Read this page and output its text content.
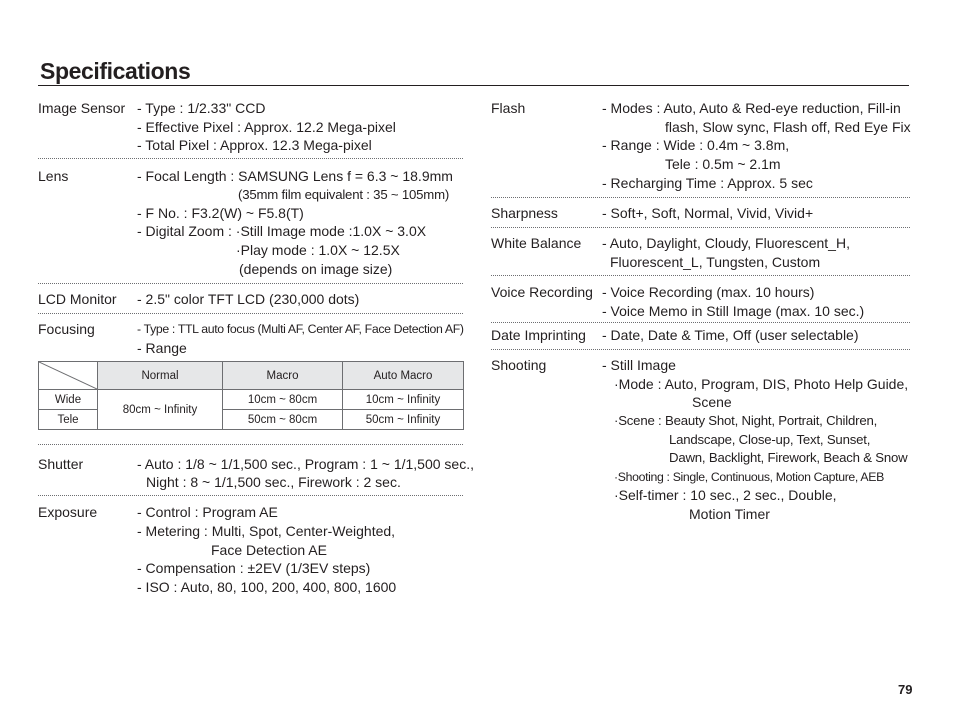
Specifications
Image Sensor - Type : 1/2.33" CCD
- Effective Pixel : Approx. 12.2 Mega-pixel
- Total Pixel : Approx. 12.3 Mega-pixel
Lens	- Focal Length : SAMSUNG Lens f = 6.3 ~ 18.9mm
(35mm film equivalent : 35 ~ 105mm)
- F No. : F3.2(W) ~ F5.8(T)
- Digital Zoom : ·Still Image mode :1.0X ~ 3.0X
·Play mode : 1.0X ~ 12.5X
(depends on image size)
LCD Monitor - 2.5" color TFT LCD (230,000 dots)
Focusing	- Type : TTL auto focus (Multi AF, Center AF, Face Detection AF)
- Range
	Normal	Macro	Auto Macro
Wide	80cm ~ Infinity	10cm ~ 80cm	10cm ~ Infinity
Tele		50cm ~ 80cm	50cm ~ Infinity
Shutter	- Auto : 1/8 ~ 1/1,500 sec., Program : 1 ~ 1/1,500 sec.,
Night : 8 ~ 1/1,500 sec., Firework : 2 sec.
Exposure	- Control : Program AE
- Metering : Multi, Spot, Center-Weighted,
Face Detection AE
- Compensation : ±2EV (1/3EV steps)
- ISO : Auto, 80, 100, 200, 400, 800, 1600
Flash	- Modes : Auto, Auto & Red-eye reduction, Fill-in
flash, Slow sync, Flash off, Red Eye Fix
- Range : Wide : 0.4m ~ 3.8m,
Tele : 0.5m ~ 2.1m
- Recharging Time : Approx. 5 sec
Sharpness	- Soft+, Soft, Normal, Vivid, Vivid+
White Balance - Auto, Daylight, Cloudy, Fluorescent_H,
Fluorescent_L, Tungsten, Custom
Voice Recording - Voice Recording (max. 10 hours)
- Voice Memo in Still Image (max. 10 sec.)
Date Imprinting - Date, Date & Time, Off (user selectable)
Shooting	- Still Image
·Mode : Auto, Program, DIS, Photo Help Guide,
Scene
·Scene : Beauty Shot, Night, Portrait, Children,
Landscape, Close-up, Text, Sunset,
Dawn, Backlight, Firework, Beach & Snow
·Shooting : Single, Continuous, Motion Capture, AEB
·Self-timer : 10 sec., 2 sec., Double,
Motion Timer
79
